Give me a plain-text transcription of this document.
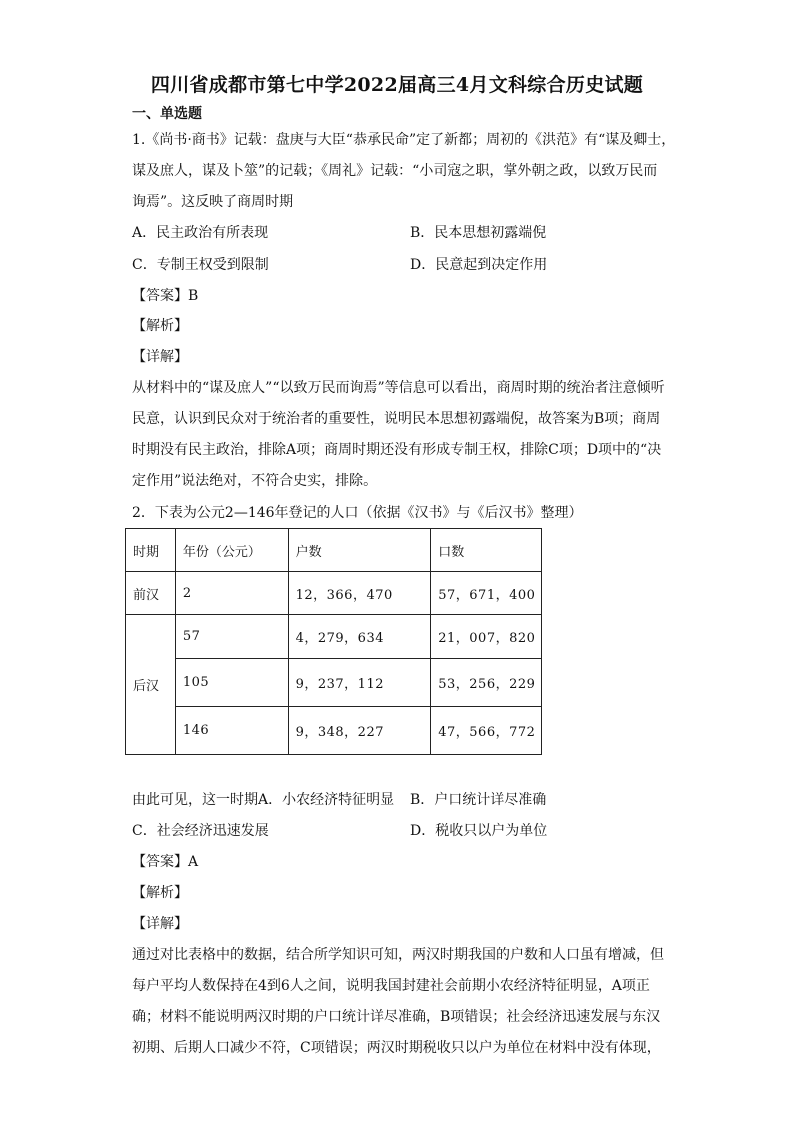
四川省成都市第七中学2022届高三4月文科综合历史试题
一、单选题
1.《尚书·商书》记载：盘庚与大臣“恭承民命”定了新都；周初的《洪范》有“谋及卿士，
谋及庶人，谋及卜筮”的记载；《周礼》记载：“小司寇之职，掌外朝之政，以致万民而
询焉”。这反映了商周时期
A．民主政治有所表现	B．民本思想初露端倪
C．专制王权受到限制	D．民意起到决定作用
【答案】B
【解析】
【详解】
从材料中的“谋及庶人”“以致万民而询焉”等信息可以看出，商周时期的统治者注意倾听
民意，认识到民众对于统治者的重要性，说明民本思想初露端倪，故答案为B项；商周
时期没有民主政治，排除A项；商周时期还没有形成专制王权，排除C项；D项中的“决
定作用”说法绝对，不符合史实，排除。
2．下表为公元2—146年登记的人口（依据《汉书》与《后汉书》整理）
时期	年份（公元）	户数	口数
前汉	2	12，366，470	57，671，400
后汉	57	4，279，634	21，007，820
	105	9，237，112	53，256，229
	146	9，348，227	47，566，772
由此可见，这一时期 A．小农经济特征明显 B．户口统计详尽准确
C．社会经济迅速发展	D．税收只以户为单位
【答案】A
【解析】
【详解】
通过对比表格中的数据，结合所学知识可知，两汉时期我国的户数和人口虽有增减，但
每户平均人数保持在4到6人之间，说明我国封建社会前期小农经济特征明显，A项正
确；材料不能说明两汉时期的户口统计详尽准确，B项错误；社会经济迅速发展与东汉
初期、后期人口减少不符，C项错误；两汉时期税收只以户为单位在材料中没有体现，
